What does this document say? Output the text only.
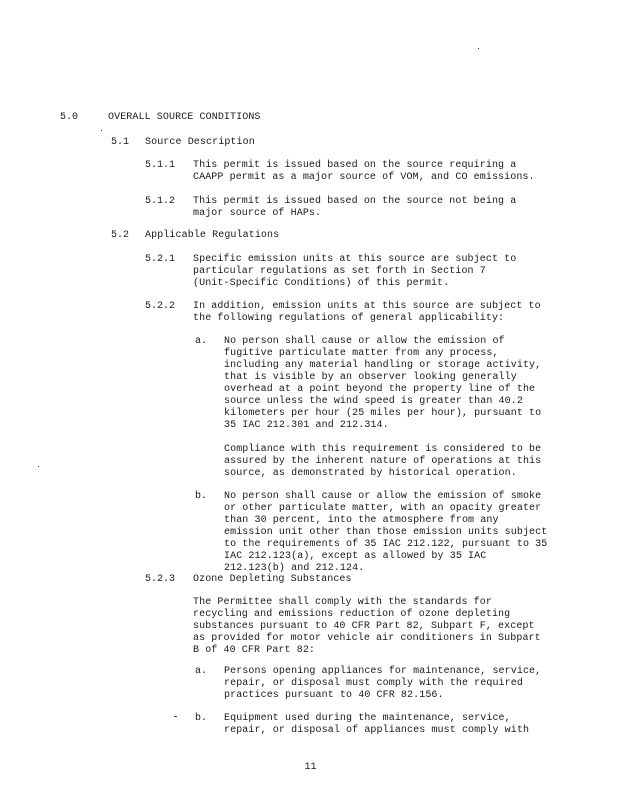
5.0	OVERALL SOURCE CONDITIONS
5.1 Source Description
5.1.1 This permit is issued based on the source requiring a
CAAPP permit as a major source of VOM, and CO emissions.
5.1.2 This permit is issued based on the source not being a
major source of HAPs.
5.2 Applicable Regulations
5.2.1 Specific emission units at this source are subject to
particular regulations as set forth in Section 7
(Unit-Specific Conditions) of this permit.
5.2.2 In addition, emission units at this source are subject to
the following regulations of general applicability:
a. No person shall cause or allow the emission of
fugitive particulate matter from any process,
including any material handling or storage activity,
that is visible by an observer looking generally
overhead at a point beyond the property line of the
source unless the wind speed is greater than 40.2
kilometers per hour (25 miles per hour), pursuant to
35 IAC 212.301 and 212.314.
Compliance with this requirement is considered to be
assured by the inherent nature of operations at this
source, as demonstrated by historical operation.
b. No person shall cause or allow the emission of smoke
or other particulate matter, with an opacity greater
than 30 percent, into the atmosphere from any
emission unit other than those emission units subject
to the requirements of 35 IAC 212.122, pursuant to 35
IAC 212.123(a), except as allowed by 35 IAC
212.123(b) and 212.124.
5.2.3 Ozone Depleting Substances
The Permittee shall comply with the standards for
recycling and emissions reduction of ozone depleting
substances pursuant to 40 CFR Part 82, Subpart F, except
as provided for motor vehicle air conditioners in Subpart
B of 40 CFR Part 82:
a. Persons opening appliances for maintenance, service,
repair, or disposal must comply with the required
practices pursuant to 40 CFR 82.156.
b. Equipment used during the maintenance, service,
repair, or disposal of appliances must comply with
11
